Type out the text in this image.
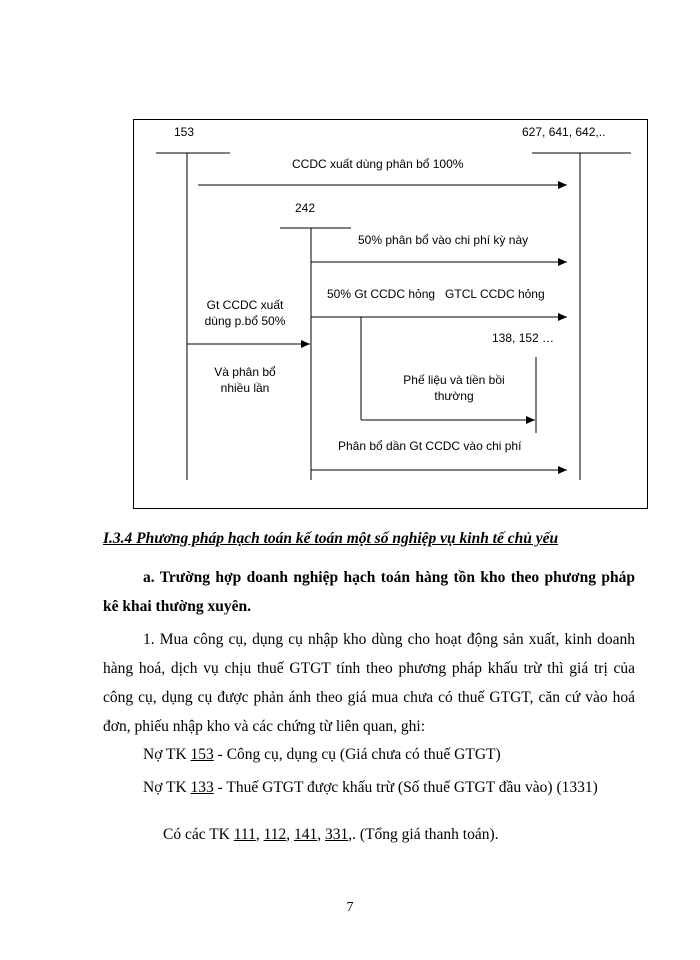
153	627, 641, 642,..
242
138, 152 …
CCDC xuất dùng phân bổ 100%
50% phân bổ vào chi phí kỳ này
50% Gt CCDC hỏng   GTCL CCDC hỏng
Gt CCDC xuất
dùng p.bổ 50%
Và phân bổ
nhiều lần
Phế liệu và tiền bồi
thường
Phân bổ dần Gt CCDC vào chi phí
I.3.4 Phương pháp hạch toán kế toán một số nghiệp vụ kinh tế chủ yếu
a. Trường hợp doanh nghiệp hạch toán hàng tồn kho theo phương pháp kê khai thường xuyên.
1. Mua công cụ, dụng cụ nhập kho dùng cho hoạt động sản xuất, kinh doanh hàng hoá, dịch vụ chịu thuế GTGT tính theo phương pháp khấu trừ thì giá trị của công cụ, dụng cụ được phản ánh theo giá mua chưa có thuế GTGT, căn cứ vào hoá đơn, phiếu nhập kho và các chứng từ liên quan, ghi:
Nợ TK 153 - Công cụ, dụng cụ (Giá chưa có thuế GTGT)
Nợ TK 133 - Thuế GTGT được khấu trừ (Số thuế GTGT đầu vào) (1331)
Có các TK 111, 112, 141, 331,. (Tổng giá thanh toán).
7
